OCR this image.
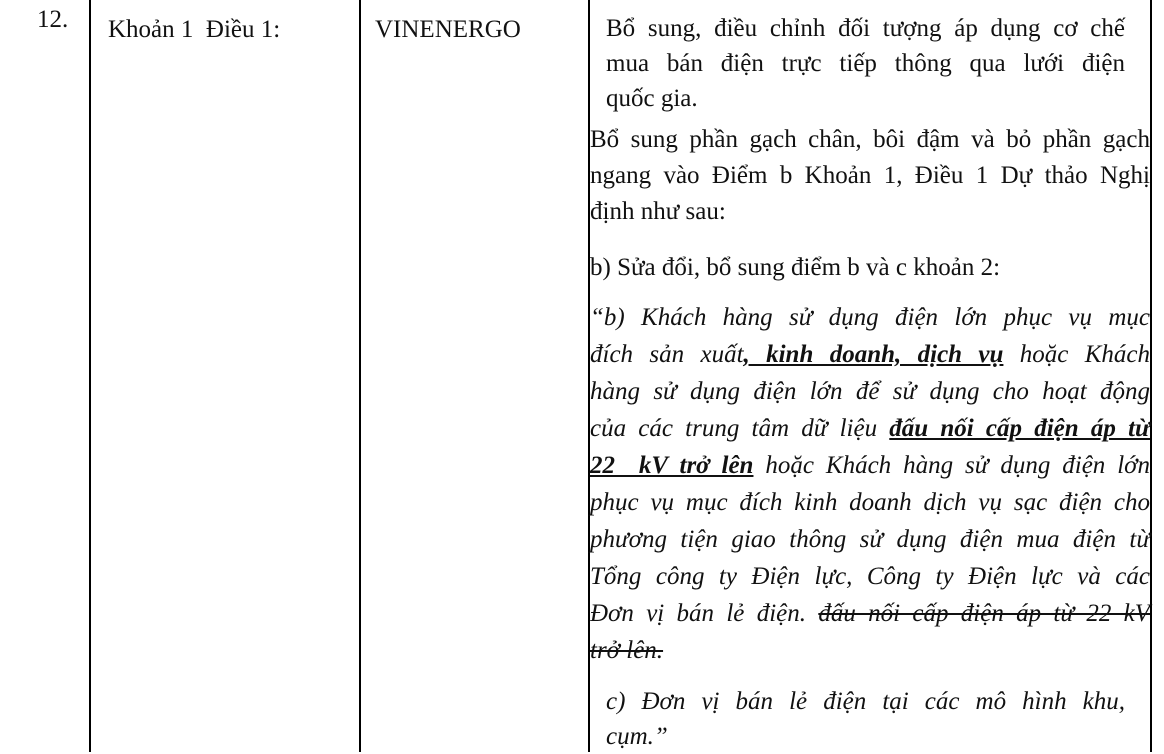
12. Khoản 1  Điều 1:	VINENERGO	Bổ sung, điều chỉnh đối tượng áp dụng cơ chế
mua bán điện trực tiếp thông qua lưới điện
quốc gia.
Bổ sung phần gạch chân, bôi đậm và bỏ phần gạch
ngang vào Điểm b Khoản 1, Điều 1 Dự thảo Nghị
định như sau:
b) Sửa đổi, bổ sung điểm b và c khoản 2:
“b) Khách hàng sử dụng điện lớn phục vụ mục
đích sản xuất, kinh doanh, dịch vụ hoặc Khách
hàng sử dụng điện lớn để sử dụng cho hoạt động
của các trung tâm dữ liệu đấu nối cấp điện áp từ
22  kV trở lên hoặc Khách hàng sử dụng điện lớn
phục vụ mục đích kinh doanh dịch vụ sạc điện cho
phương tiện giao thông sử dụng điện mua điện từ
Tổng công ty Điện lực, Công ty Điện lực và các
Đơn vị bán lẻ điện. đấu nối cấp điện áp từ 22 kV
trở lên.
c) Đơn vị bán lẻ điện tại các mô hình khu,
cụm.”
